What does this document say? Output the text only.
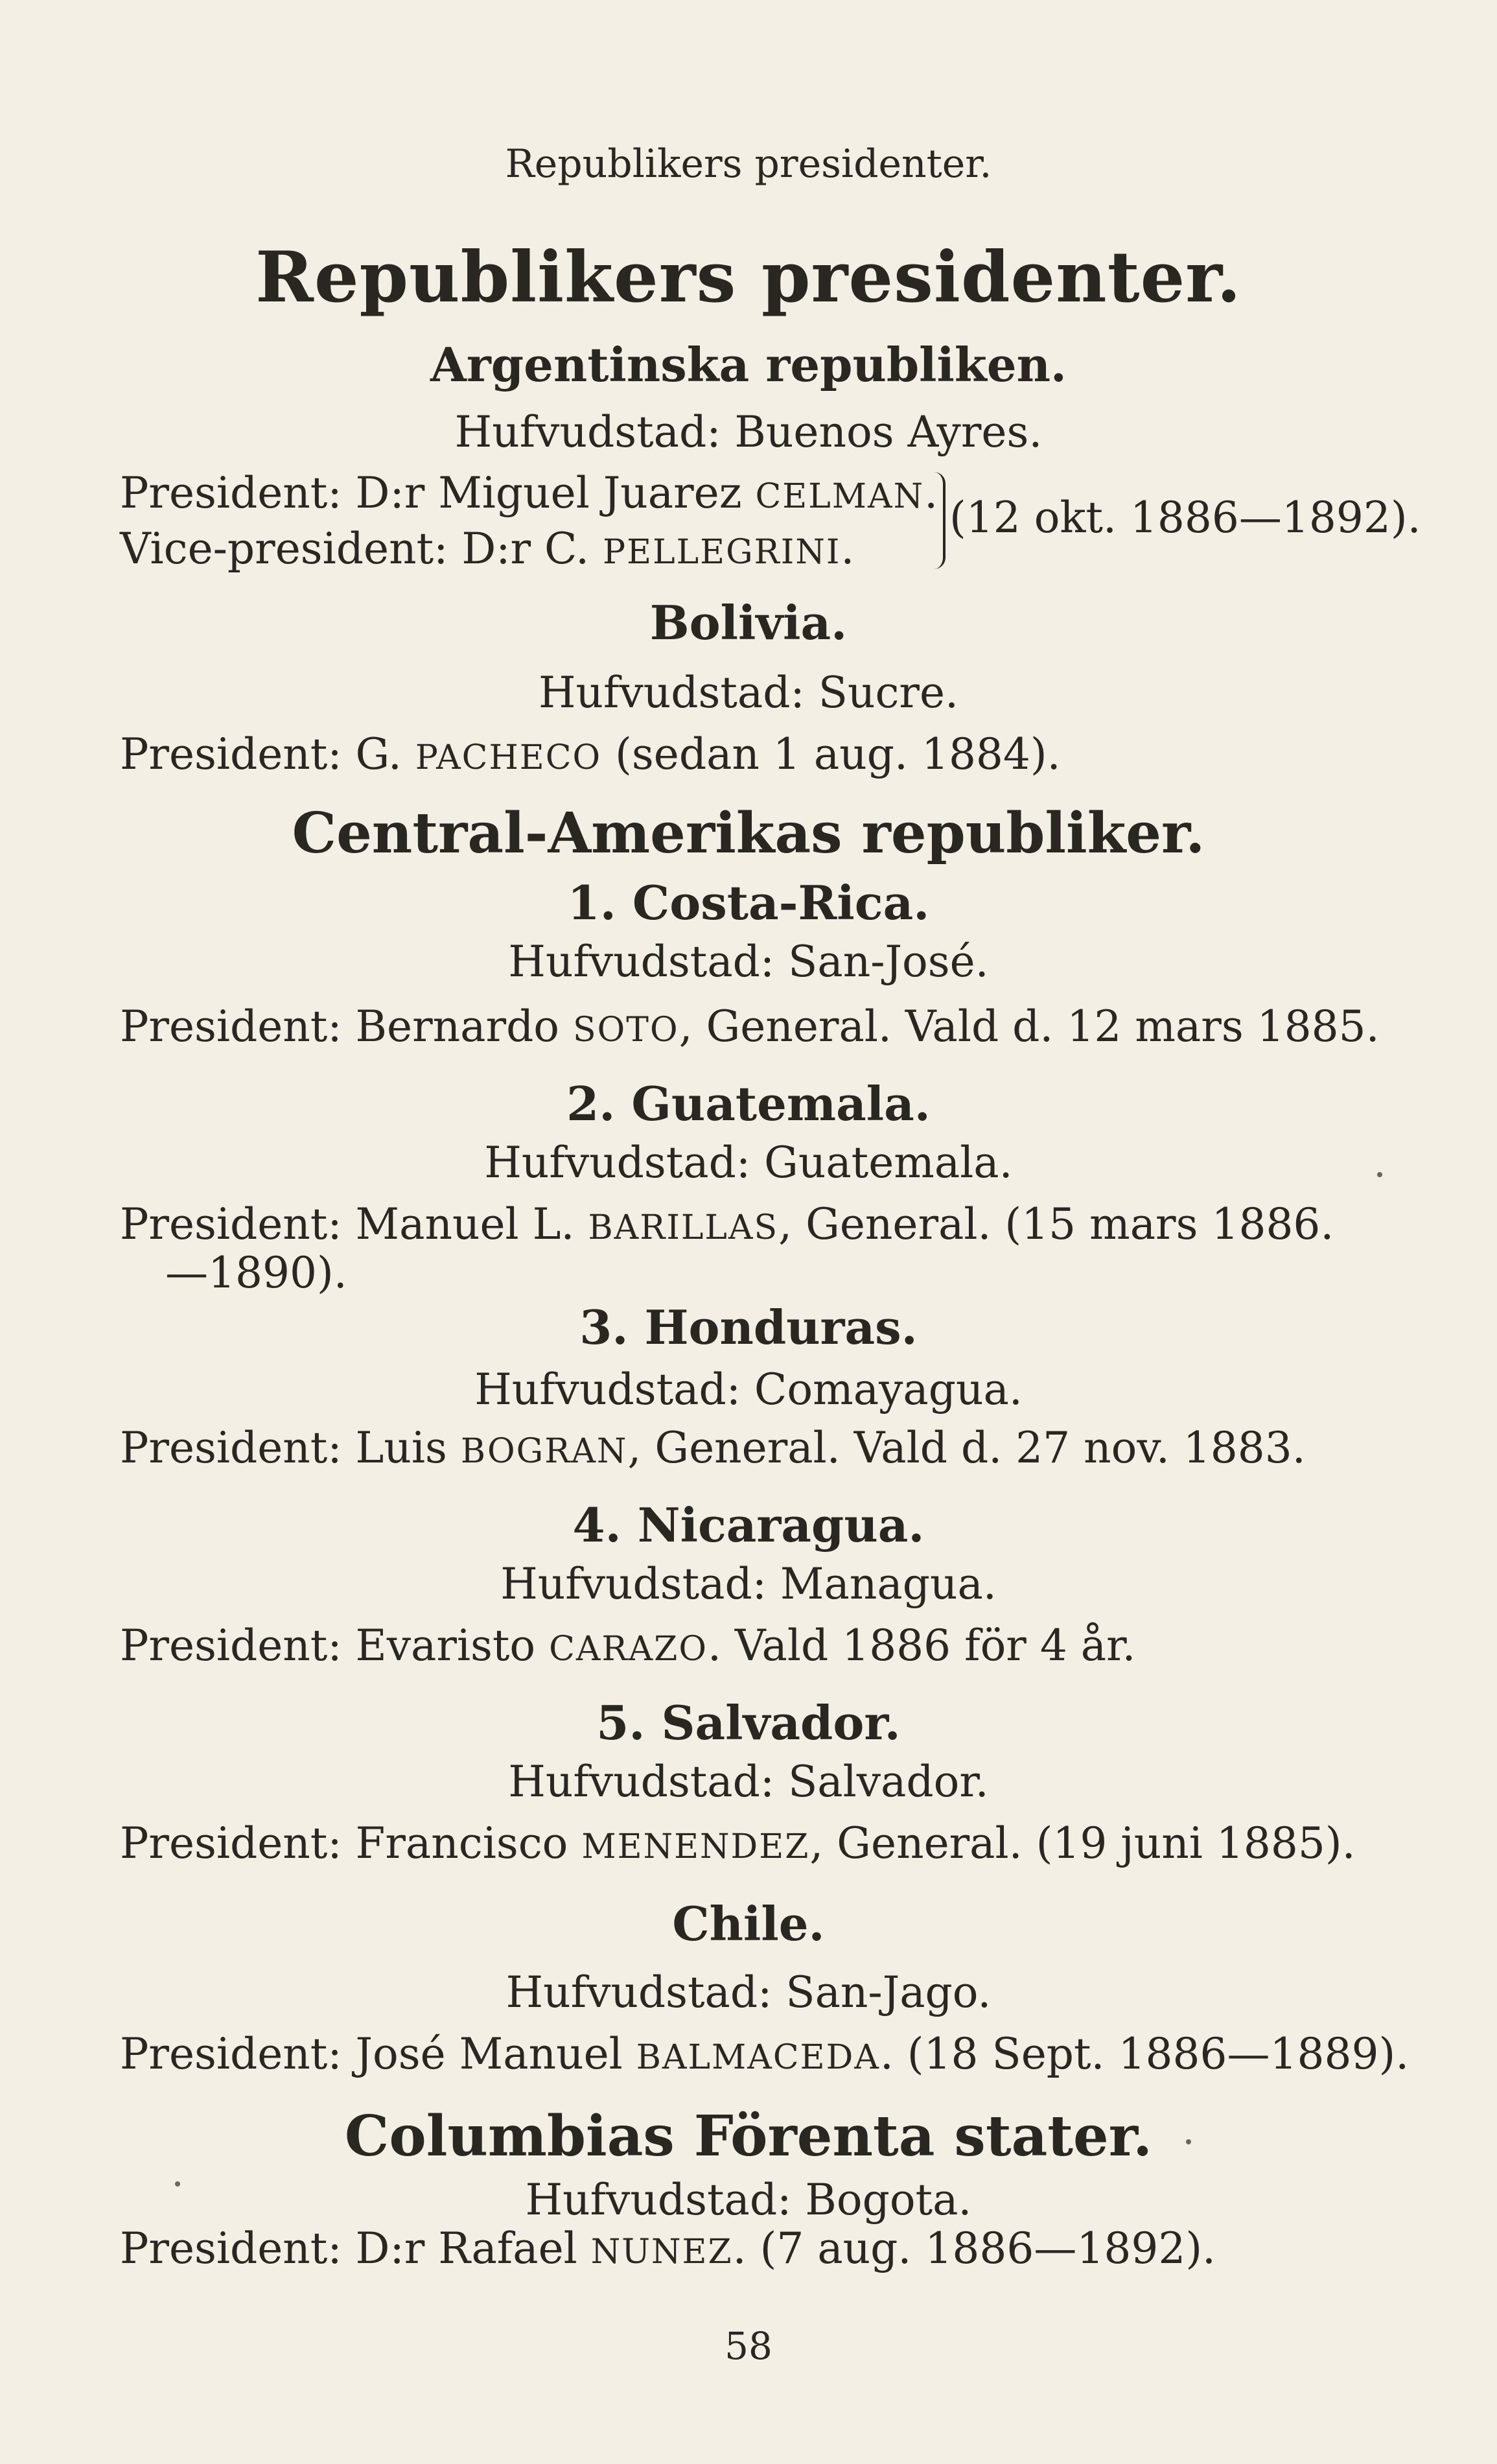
Republikers presidenter.
Republikers presidenter.
Argentinska republiken.
Hufvudstad: Buenos Ayres.
President: D:r Miguel Juarez CELMAN.
Vice-president: D:r C. PELLEGRINI.
(12 okt. 1886—1892).
Bolivia.
Hufvudstad: Sucre.
President: G. PACHECO (sedan 1 aug. 1884).
Central-Amerikas republiker.
1. Costa-Rica.
Hufvudstad: San-José.
President: Bernardo SOTO, General. Vald d. 12 mars 1885.
2. Guatemala.
Hufvudstad: Guatemala.
President: Manuel L. BARILLAS, General. (15 mars 1886.
—1890).
3. Honduras.
Hufvudstad: Comayagua.
President: Luis BOGRAN, General. Vald d. 27 nov. 1883.
4. Nicaragua.
Hufvudstad: Managua.
President: Evaristo CARAZO. Vald 1886 för 4 år.
5. Salvador.
Hufvudstad: Salvador.
President: Francisco MENENDEZ, General. (19 juni 1885).
Chile.
Hufvudstad: San-Jago.
President: José Manuel BALMACEDA. (18 Sept. 1886—1889).
Columbias Förenta stater.
Hufvudstad: Bogota.
President: D:r Rafael NUNEZ. (7 aug. 1886—1892).
58
